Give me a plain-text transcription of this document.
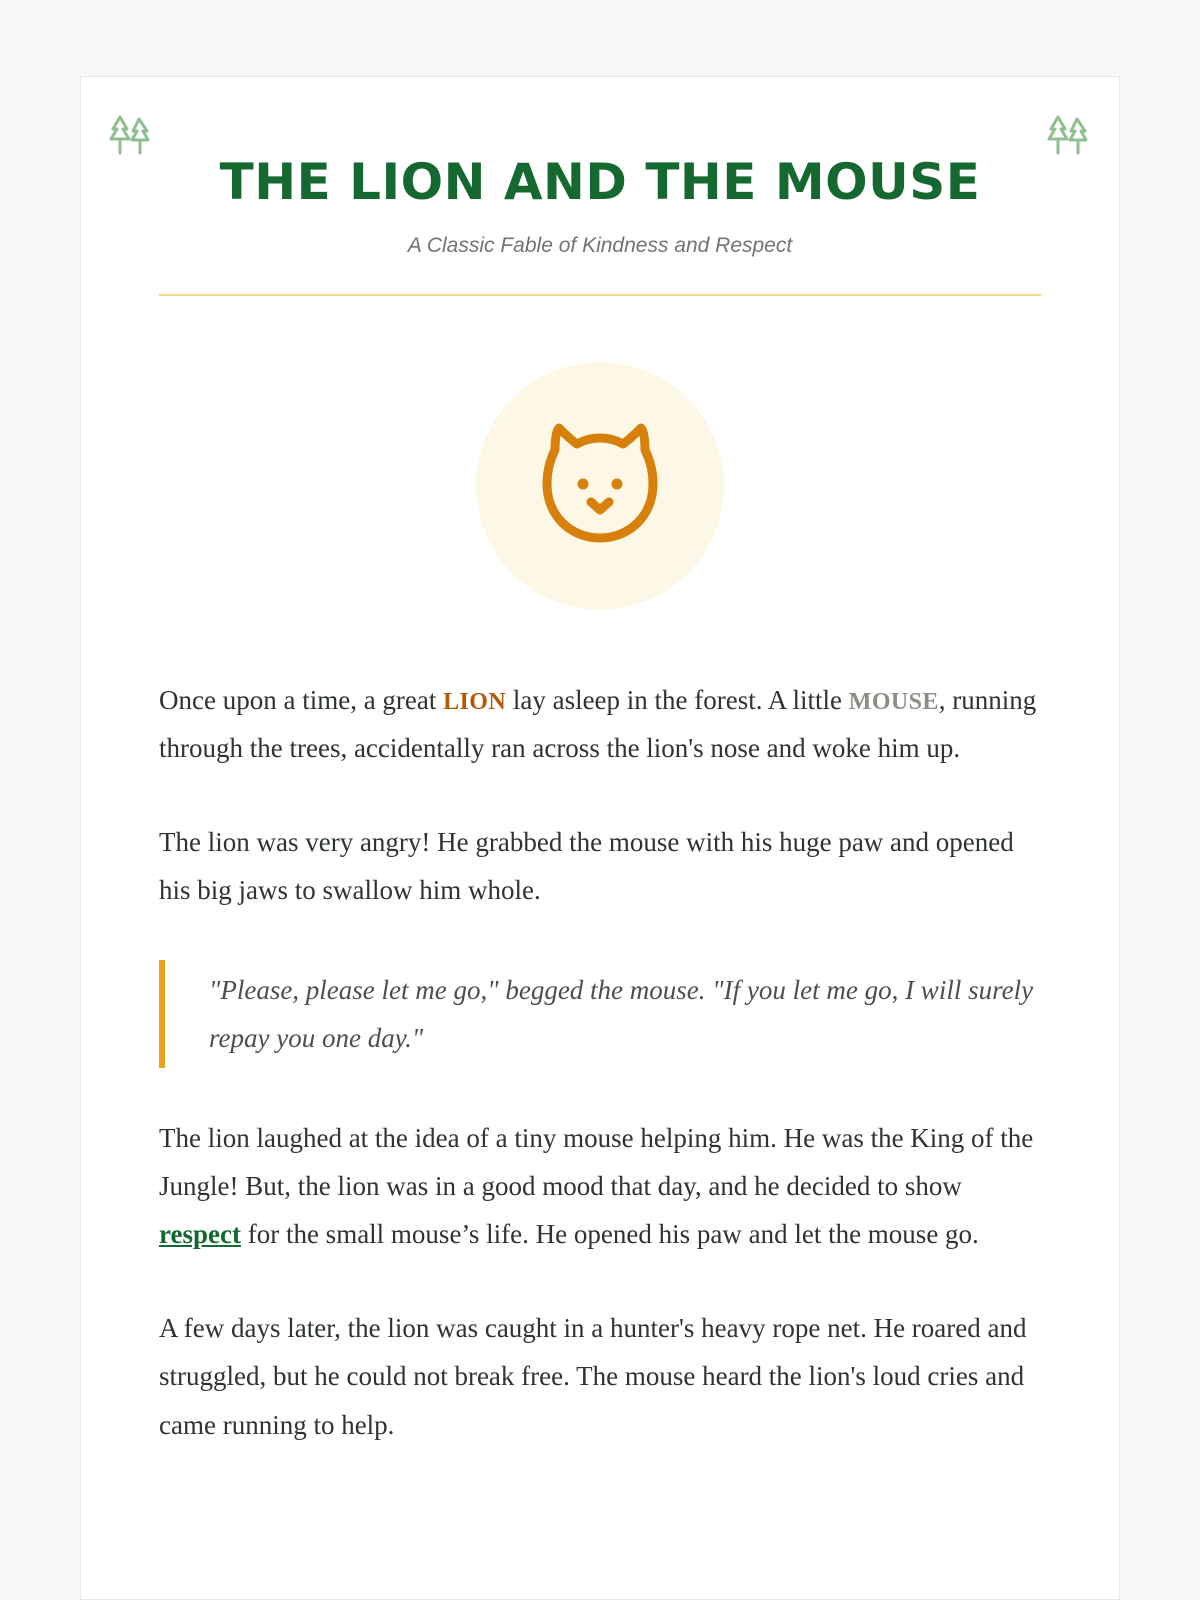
THE LION AND THE MOUSE

A Classic Fable of Kindness and Respect

Once upon a time, a great LION lay asleep in the forest. A little MOUSE, running through the trees, accidentally ran across the lion's nose and woke him up.

The lion was very angry! He grabbed the mouse with his huge paw and opened his big jaws to swallow him whole.

"Please, please let me go," begged the mouse. "If you let me go, I will surely repay you one day."

The lion laughed at the idea of a tiny mouse helping him. He was the King of the Jungle! But, the lion was in a good mood that day, and he decided to show respect for the small mouse’s life. He opened his paw and let the mouse go.

A few days later, the lion was caught in a hunter's heavy rope net. He roared and struggled, but he could not break free. The mouse heard the lion's loud cries and came running to help.
